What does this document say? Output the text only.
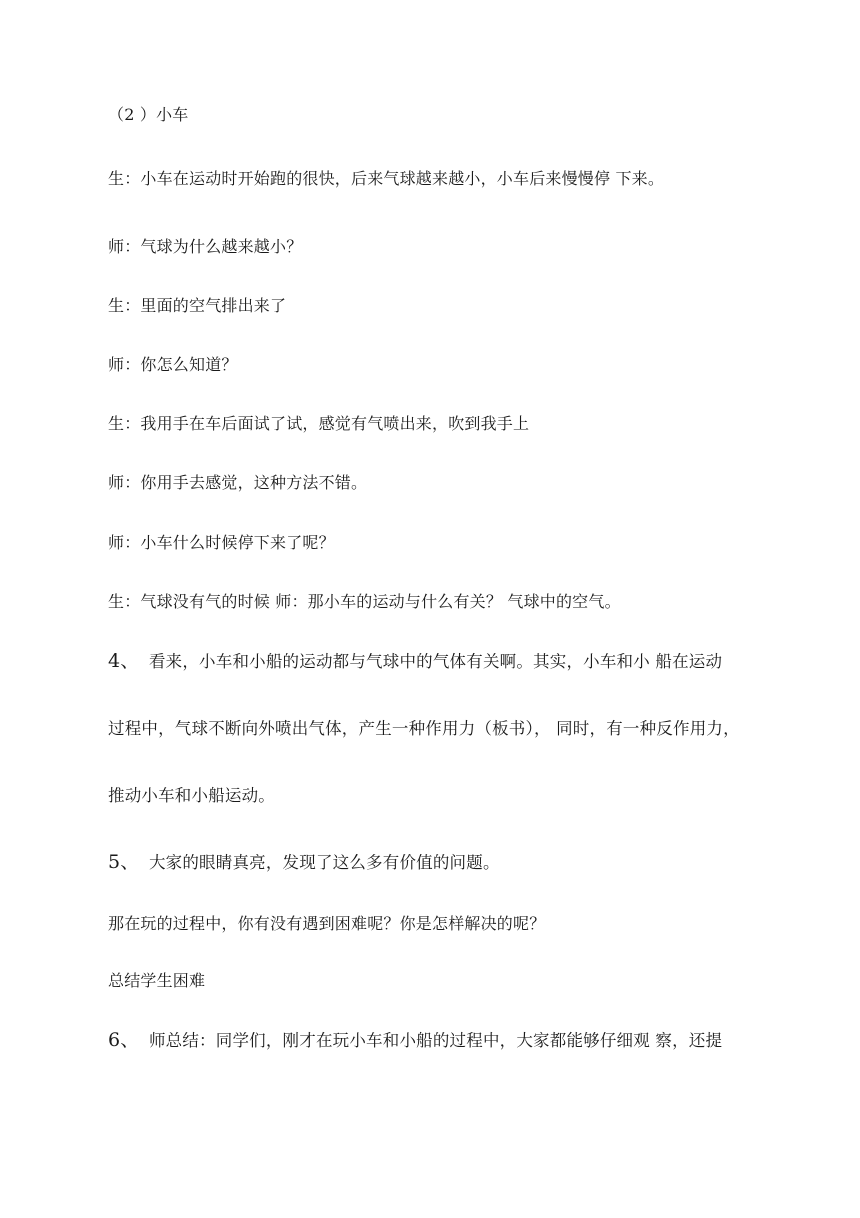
（2 ）小车
生：小车在运动时开始跑的很快，后来气球越来越小，小车后来慢慢停 下来。
师：气球为什么越来越小？
生：里面的空气排出来了
师：你怎么知道？
生：我用手在车后面试了试，感觉有气喷出来，吹到我手上
师：你用手去感觉，这种方法不错。
师：小车什么时候停下来了呢？
生：气球没有气的时候 师：那小车的运动与什么有关？ 气球中的空气。
4、 看来，小车和小船的运动都与气球中的气体有关啊。其实，小车和小 船在运动
过程中，气球不断向外喷出气体，产生一种作用力（板书）， 同时，有一种反作用力，
推动小车和小船运动。
5、 大家的眼睛真亮，发现了这么多有价值的问题。
那在玩的过程中，你有没有遇到困难呢？你是怎样解决的呢？
总结学生困难
6、 师总结：同学们，刚才在玩小车和小船的过程中，大家都能够仔细观 察，还提
